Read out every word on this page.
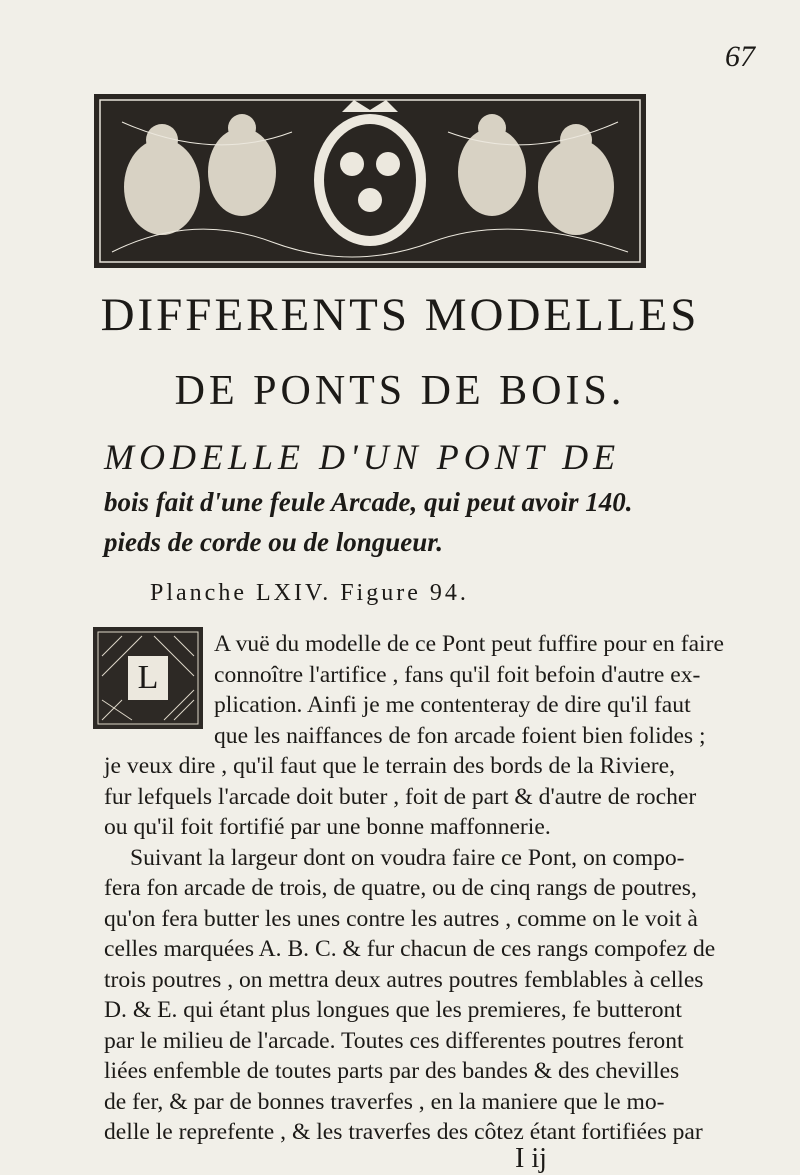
67
DIFFERENTS MODELLES
DE PONTS DE BOIS.
MODELLE D'UN PONT DE
bois fait d'une feule Arcade, qui peut avoir 140.
pieds de corde ou de longueur.
Planche LXIV. Figure 94.
L
A vuë du modelle de ce Pont peut fuffire pour en faire
connoître l'artifice , fans qu'il foit befoin d'autre ex-
plication. Ainfi je me contenteray de dire qu'il faut
que les naiffances de fon arcade foient bien folides ;
je veux dire , qu'il faut que le terrain des bords de la Riviere,
fur lefquels l'arcade doit buter , foit de part & d'autre de rocher
ou qu'il foit fortifié par une bonne maffonnerie.
Suivant la largeur dont on voudra faire ce Pont, on compo-
fera fon arcade de trois, de quatre, ou de cinq rangs de poutres,
qu'on fera butter les unes contre les autres , comme on le voit à
celles marquées A. B. C. & fur chacun de ces rangs compofez de
trois poutres , on mettra deux autres poutres femblables à celles
D. & E. qui étant plus longues que les premieres, fe butteront
par le milieu de l'arcade. Toutes ces differentes poutres feront
liées enfemble de toutes parts par des bandes & des chevilles
de fer, & par de bonnes traverfes , en la maniere que le mo-
delle le reprefente , & les traverfes des côtez étant fortifiées par
I ij
